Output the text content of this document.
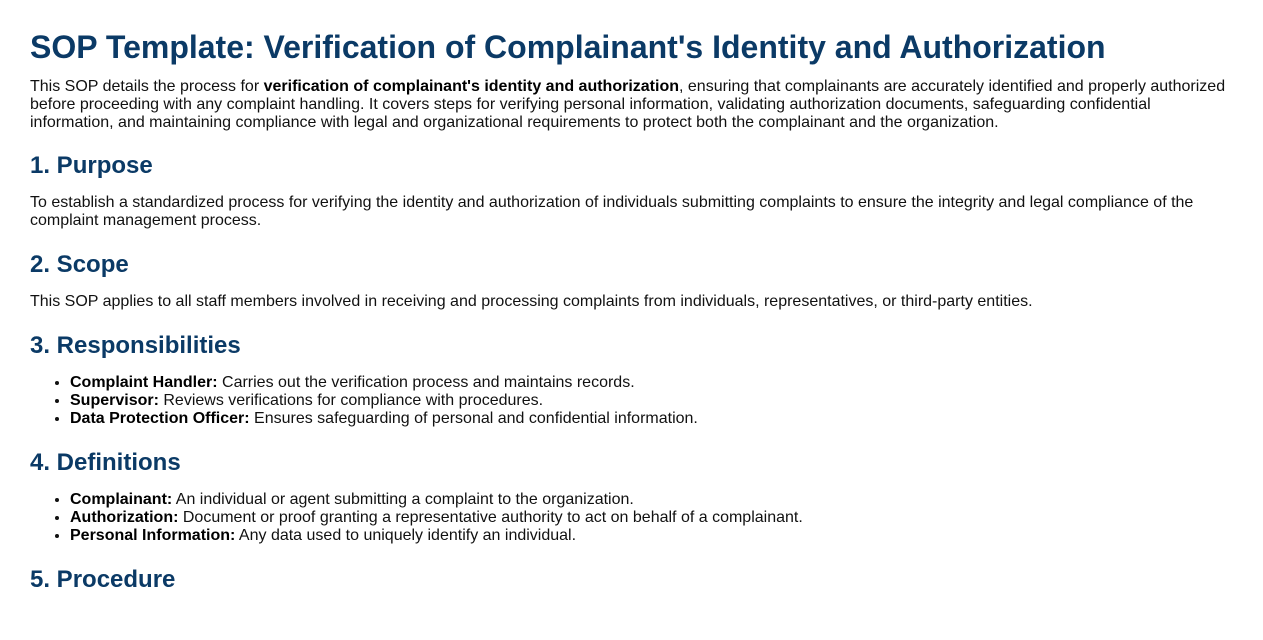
SOP Template: Verification of Complainant's Identity and Authorization

This SOP details the process for verification of complainant's identity and authorization, ensuring that complainants are accurately identified and properly authorized before proceeding with any complaint handling. It covers steps for verifying personal information, validating authorization documents, safeguarding confidential information, and maintaining compliance with legal and organizational requirements to protect both the complainant and the organization.

1. Purpose

To establish a standardized process for verifying the identity and authorization of individuals submitting complaints to ensure the integrity and legal compliance of the complaint management process.

2. Scope

This SOP applies to all staff members involved in receiving and processing complaints from individuals, representatives, or third-party entities.

3. Responsibilities
• Complaint Handler: Carries out the verification process and maintains records.
• Supervisor: Reviews verifications for compliance with procedures.
• Data Protection Officer: Ensures safeguarding of personal and confidential information.
4. Definitions
• Complainant: An individual or agent submitting a complaint to the organization.
• Authorization: Document or proof granting a representative authority to act on behalf of a complainant.
• Personal Information: Any data used to uniquely identify an individual.
5. Procedure
